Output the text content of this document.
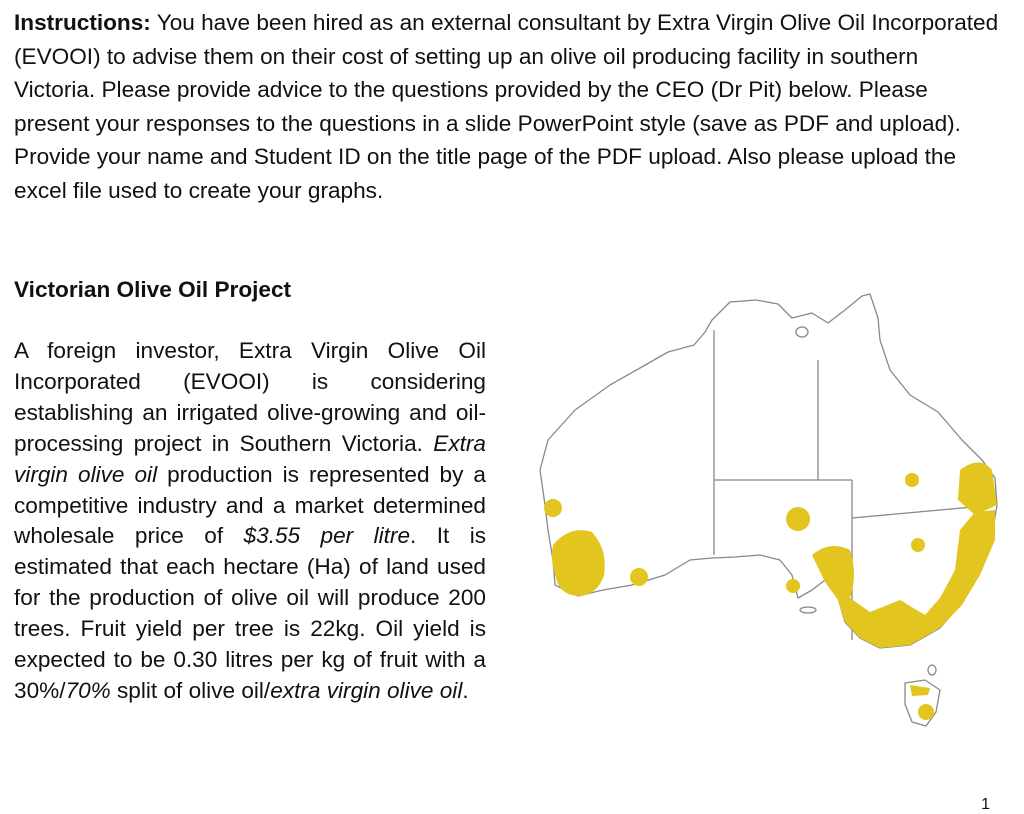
Instructions: You have been hired as an external consultant by Extra Virgin Olive Oil Incorporated (EVOOI) to advise them on their cost of setting up an olive oil producing facility in southern Victoria. Please provide advice to the questions provided by the CEO (Dr Pit) below. Please present your responses to the questions in a slide PowerPoint style (save as PDF and upload). Provide your name and Student ID on the title page of the PDF upload. Also please upload the excel file used to create your graphs.

Victorian Olive Oil Project

A foreign investor, Extra Virgin Olive Oil Incorporated (EVOOI) is considering establishing an irrigated olive-growing and oil-processing project in Southern Victoria. Extra virgin olive oil production is represented by a competitive industry and a market determined wholesale price of $3.55 per litre. It is estimated that each hectare (Ha) of land used for the production of olive oil will produce 200 trees. Fruit yield per tree is 22kg. Oil yield is expected to be 0.30 litres per kg of fruit with a 30%/70% split of olive oil/extra virgin olive oil.

1
